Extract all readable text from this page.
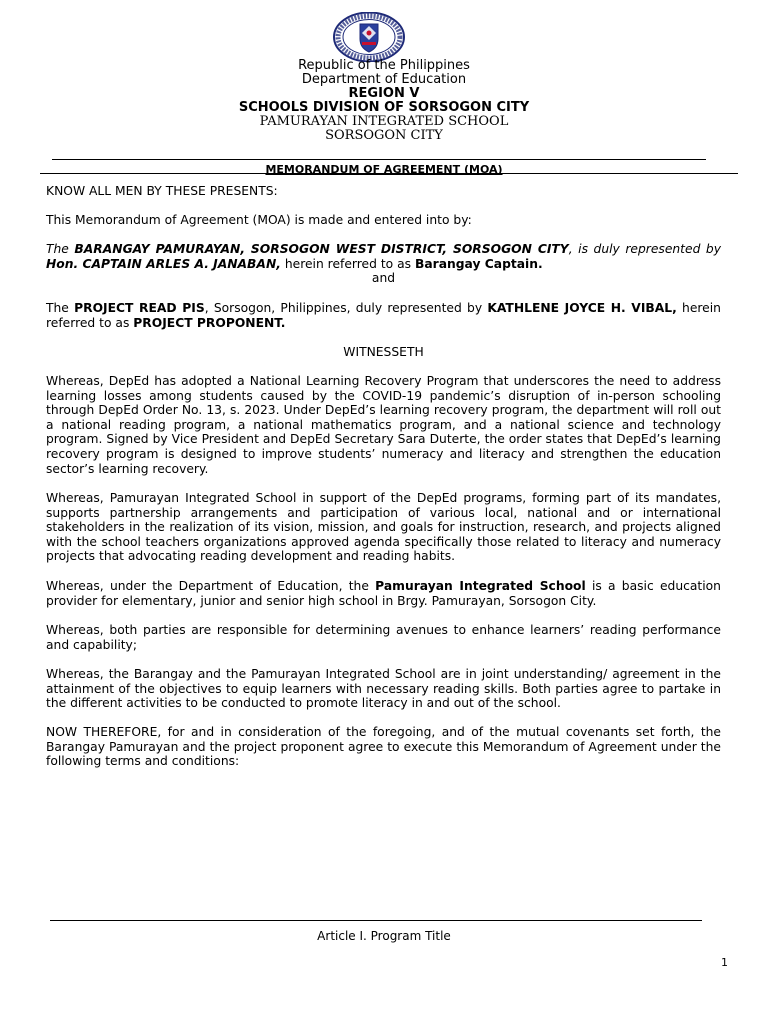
Republic of the Philippines
Department of Education
REGION V
SCHOOLS DIVISION OF SORSOGON CITY
PAMURAYAN INTEGRATED SCHOOL
SORSOGON CITY
MEMORANDUM OF AGREEMENT (MOA)
KNOW ALL MEN BY THESE PRESENTS:
This Memorandum of Agreement (MOA) is made and entered into by:
The BARANGAY PAMURAYAN, SORSOGON WEST DISTRICT, SORSOGON CITY, is duly represented by Hon. CAPTAIN ARLES A. JANABAN, herein referred to as Barangay Captain.
and
The PROJECT READ PIS, Sorsogon, Philippines, duly represented by KATHLENE JOYCE H. VIBAL, herein referred to as PROJECT PROPONENT.
WITNESSETH
Whereas, DepEd has adopted a National Learning Recovery Program that underscores the need to address learning losses among students caused by the COVID-19 pandemic’s disruption of in-person schooling through DepEd Order No. 13, s. 2023. Under DepEd’s learning recovery program, the department will roll out a national reading program, a national mathematics program, and a national science and technology program. Signed by Vice President and DepEd Secretary Sara Duterte, the order states that DepEd’s learning recovery program is designed to improve students’ numeracy and literacy and strengthen the education sector’s learning recovery.
Whereas, Pamurayan Integrated School in support of the DepEd programs, forming part of its mandates, supports partnership arrangements and participation of various local, national and or international stakeholders in the realization of its vision, mission, and goals for instruction, research, and projects aligned with the school teachers organizations approved agenda specifically those related to literacy and numeracy projects that advocating reading development and reading habits.
Whereas, under the Department of Education, the Pamurayan Integrated School is a basic education provider for elementary, junior and senior high school in Brgy. Pamurayan, Sorsogon City.
Whereas, both parties are responsible for determining avenues to enhance learners’ reading performance and capability;
Whereas, the Barangay and the Pamurayan Integrated School are in joint understanding/ agreement in the attainment of the objectives to equip learners with necessary reading skills. Both parties agree to partake in the different activities to be conducted to promote literacy in and out of the school.
NOW THEREFORE, for and in consideration of the foregoing, and of the mutual covenants set forth, the Barangay Pamurayan and the project proponent agree to execute this Memorandum of Agreement under the following terms and conditions:
Article I. Program Title
1
